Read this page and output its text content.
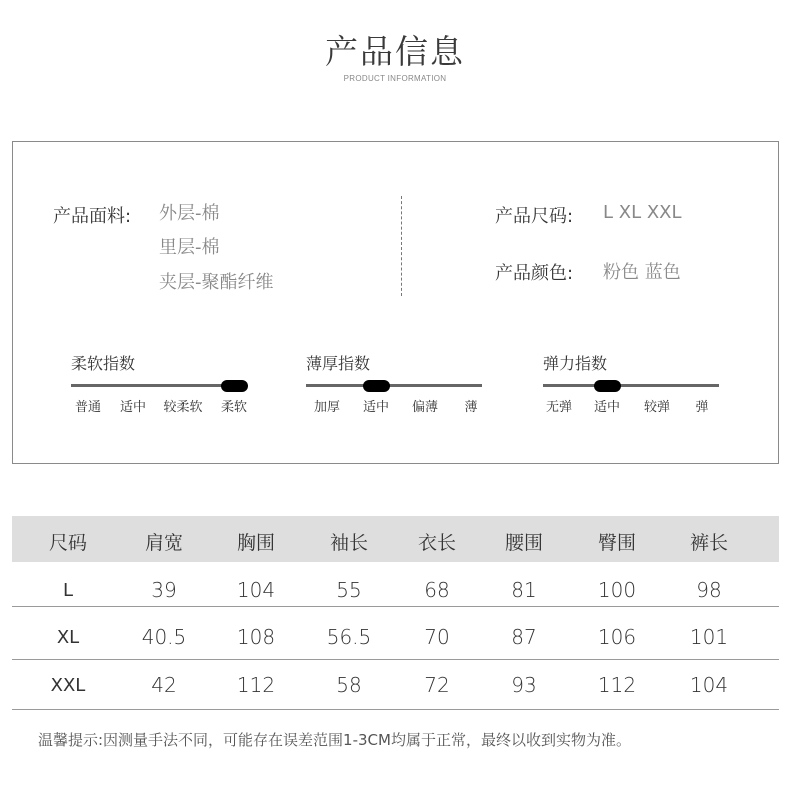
产品信息
PRODUCT INFORMATION
产品面料: 外层-棉
里层-棉
夹层-聚酯纤维
产品尺码: L XL XXL
产品颜色: 粉色 蓝色
柔软指数
普通 适中 较柔软 柔软
薄厚指数
加厚 适中 偏薄 薄
弹力指数
无弹 适中 较弹 弹
尺码	肩宽	胸围	袖长	衣长	腰围	臀围	裤长
L	39	104	55	68	81	100	98
XL	40.5	108	56.5	70	87	106	101
XXL	42	112	58	72	93	112	104
温馨提示:因测量手法不同，可能存在误差范围1-3CM均属于正常，最终以收到实物为准。
